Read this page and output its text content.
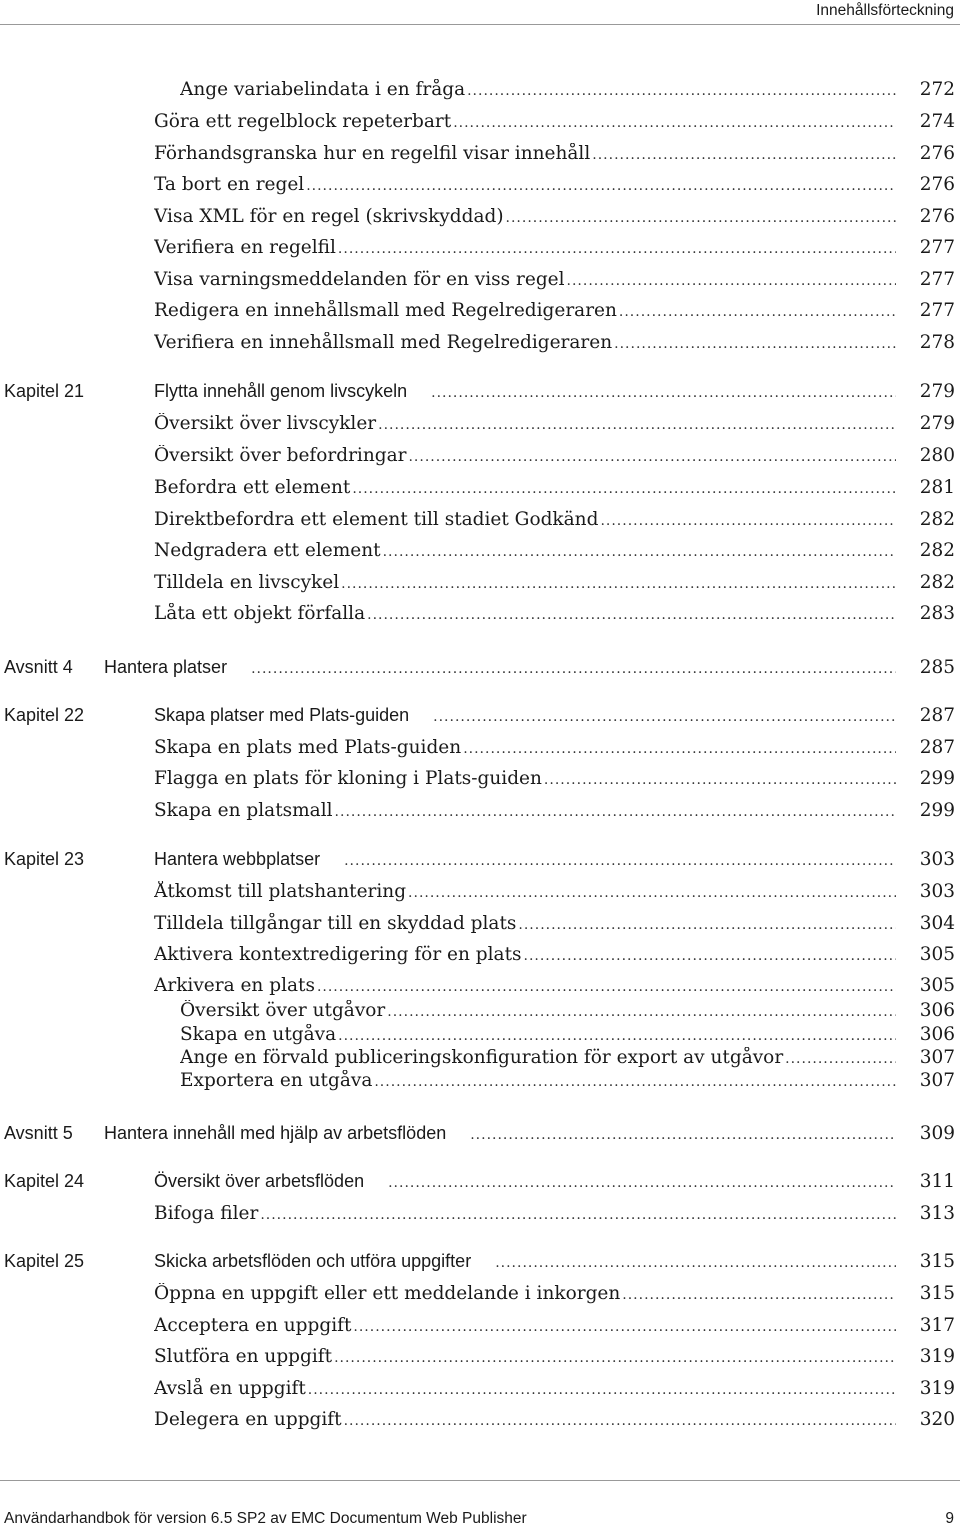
Innehållsförteckning
Ange variabelindata i en fråga .....	272
Göra ett regelblock repeterbart .....	274
Förhandsgranska hur en regelfil visar innehåll .....	276
Ta bort en regel .....	276
Visa XML för en regel (skrivskyddad) .....	276
Verifiera en regelfil .....	277
Visa varningsmeddelanden för en viss regel .....	277
Redigera en innehållsmall med Regelredigeraren .....	277
Verifiera en innehållsmall med Regelredigeraren .....	278
Kapitel 21	Flytta innehåll genom livscykeln .....	279
Översikt över livscykler .....	279
Översikt över befordringar .....	280
Befordra ett element .....	281
Direktbefordra ett element till stadiet Godkänd .....	282
Nedgradera ett element .....	282
Tilldela en livscykel .....	282
Låta ett objekt förfalla .....	283
Avsnitt 4 Hantera platser .....	285
Kapitel 22	Skapa platser med Plats-guiden .....	287
Skapa en plats med Plats-guiden .....	287
Flagga en plats för kloning i Plats-guiden .....	299
Skapa en platsmall .....	299
Kapitel 23	Hantera webbplatser .....	303
Åtkomst till platshantering .....	303
Tilldela tillgångar till en skyddad plats .....	304
Aktivera kontextredigering för en plats .....	305
Arkivera en plats .....	305
Översikt över utgåvor .....	306
Skapa en utgåva .....	306
Ange en förvald publiceringskonfiguration för export av utgåvor .....	307
Exportera en utgåva .....	307
Avsnitt 5 Hantera innehåll med hjälp av arbetsflöden .....	309
Kapitel 24	Översikt över arbetsflöden .....	311
Bifoga filer .....	313
Kapitel 25	Skicka arbetsflöden och utföra uppgifter .....	315
Öppna en uppgift eller ett meddelande i inkorgen .....	315
Acceptera en uppgift .....	317
Slutföra en uppgift .....	319
Avslå en uppgift .....	319
Delegera en uppgift .....	320
Användarhandbok för version 6.5 SP2 av EMC Documentum Web Publisher	9
